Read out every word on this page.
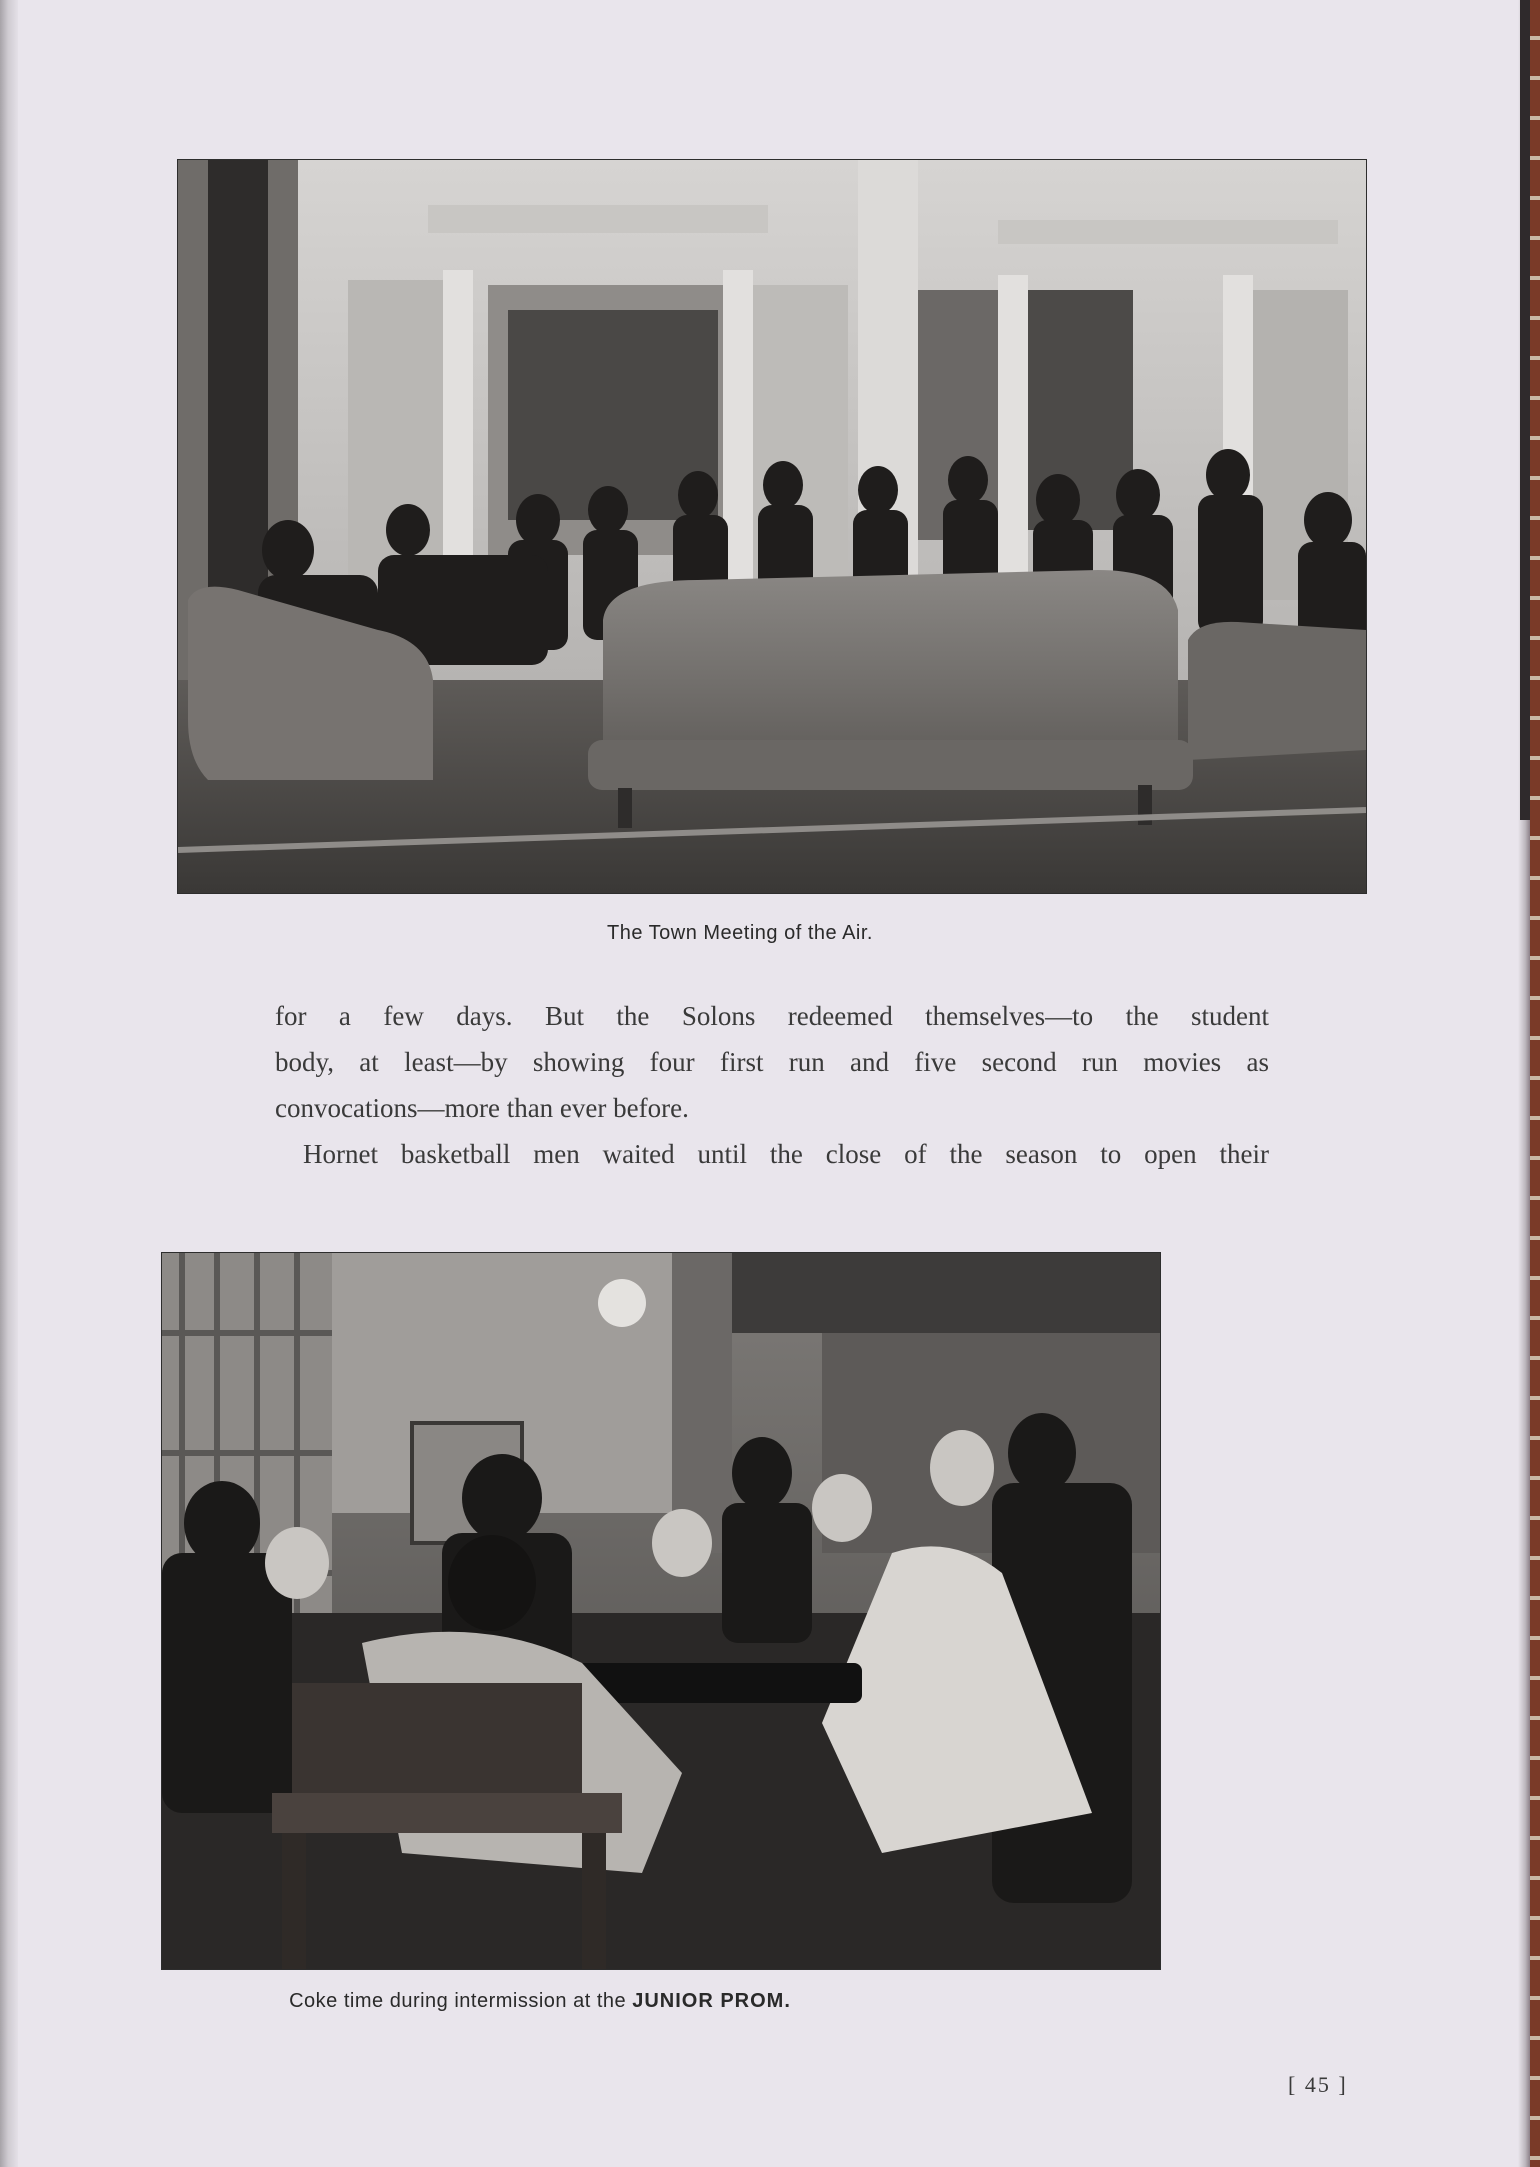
The Town Meeting of the Air.
for a few days. But the Solons redeemed themselves—to the student
body, at least—by showing four first run and five second run movies as
convocations—more than ever before.
Hornet basketball men waited until the close of the season to open their
Coke time during intermission at the JUNIOR PROM.
[ 45 ]
